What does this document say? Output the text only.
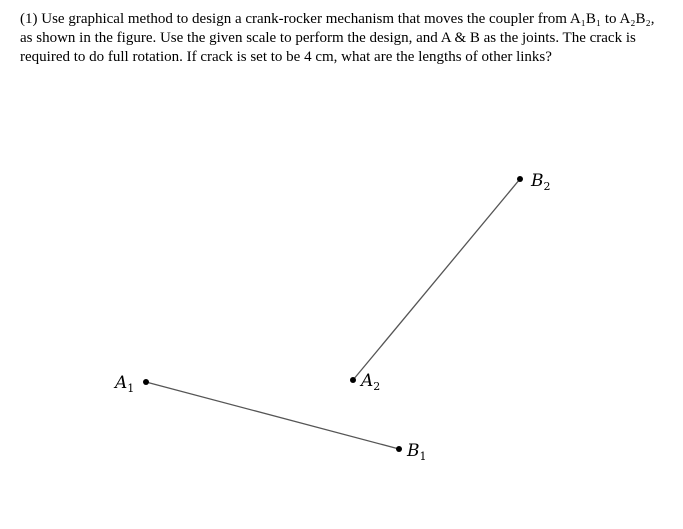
(1) Use graphical method to design a crank-rocker mechanism that moves the coupler from A₁B₁ to A₂B₂, as shown in the figure. Use the given scale to perform the design, and A & B as the joints. The crack is required to do full rotation. If crack is set to be 4 cm, what are the lengths of other links?

$A_1$	$A_2$
$B_1$
$B_2$
